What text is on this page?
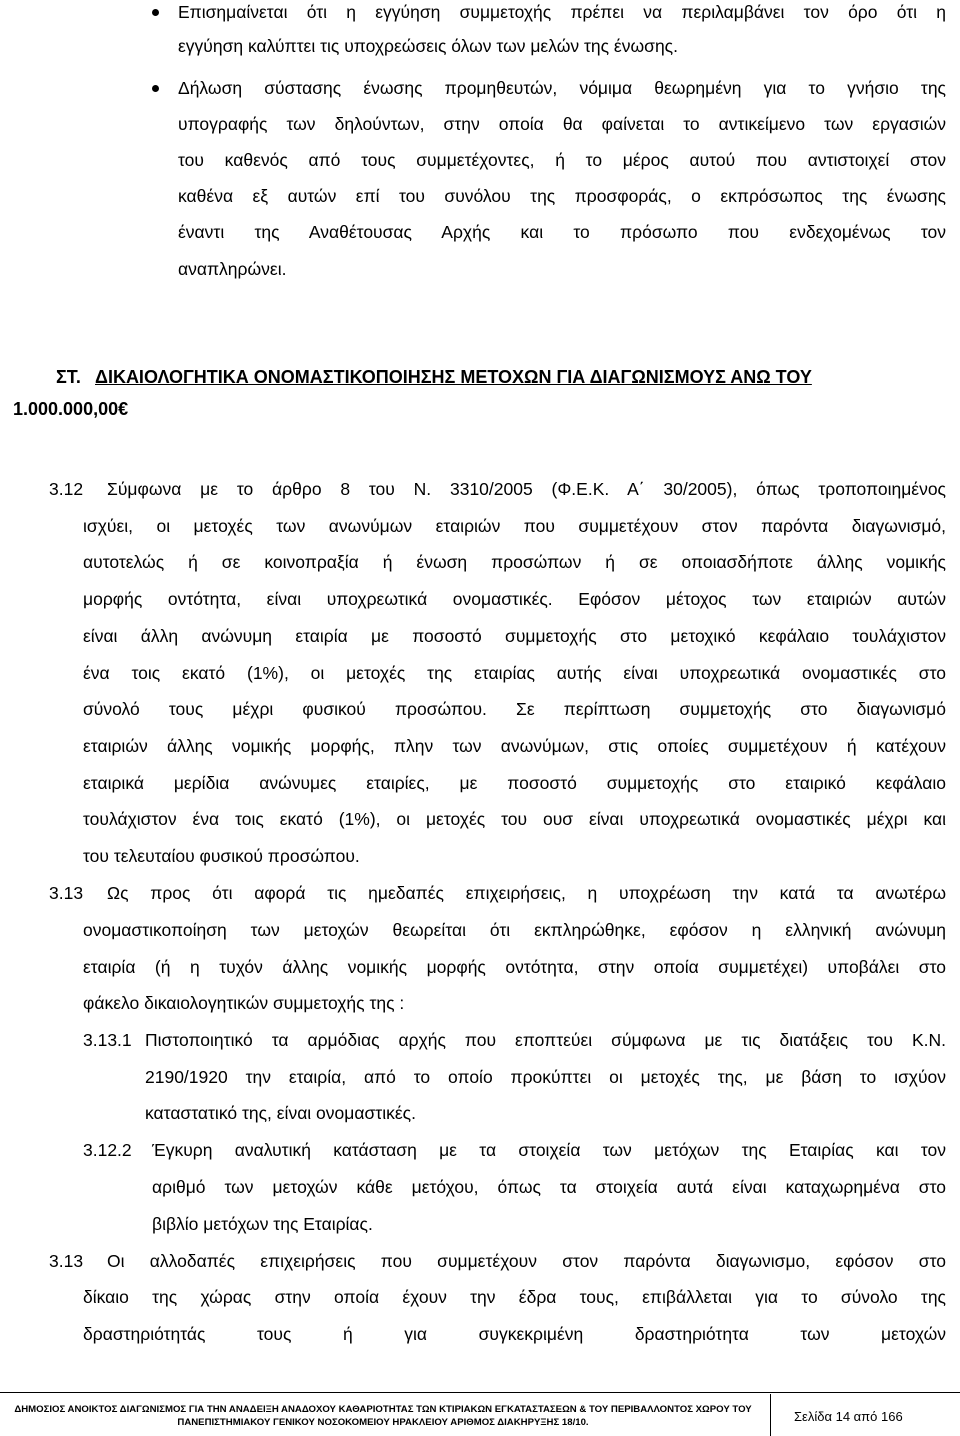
Επισημαίνεται ότι η εγγύηση συμμετοχής πρέπει να περιλαμβάνει τον όρο ότι η
εγγύηση καλύπτει τις υποχρεώσεις όλων των μελών της ένωσης.
Δήλωση σύστασης ένωσης προμηθευτών, νόμιμα θεωρημένη για το γνήσιο της
υπογραφής των δηλούντων, στην οποία θα φαίνεται το αντικείμενο των εργασιών
του καθενός από τους συμμετέχοντες, ή το μέρος αυτού που αντιστοιχεί στον
καθένα εξ αυτών επί του συνόλου της προσφοράς, ο εκπρόσωπος της ένωσης
έναντι της Αναθέτουσας Αρχής και το πρόσωπο που ενδεχομένως τον
αναπληρώνει.
ΣΤ. ΔΙΚΑΙΟΛΟΓΗΤΙΚΑ ΟΝΟΜΑΣΤΙΚΟΠΟΙΗΣΗΣ ΜΕΤΟΧΩΝ ΓΙΑ ΔΙΑΓΩΝΙΣΜΟΥΣ ΑΝΩ ΤΟΥ
1.000.000,00€
3.12 Σύμφωνα με το άρθρο 8 του Ν. 3310/2005 (Φ.Ε.Κ. Α΄ 30/2005), όπως τροποποιημένος
ισχύει, οι μετοχές των ανωνύμων εταιριών που συμμετέχουν στον παρόντα διαγωνισμό,
αυτοτελώς ή σε κοινοπραξία ή ένωση προσώπων ή σε οποιασδήποτε άλλης νομικής
μορφής οντότητα, είναι υποχρεωτικά ονομαστικές. Εφόσον μέτοχος των εταιριών αυτών
είναι άλλη ανώνυμη εταιρία με ποσοστό συμμετοχής στο μετοχικό κεφάλαιο τουλάχιστον
ένα τοις εκατό (1%), οι μετοχές της εταιρίας αυτής είναι υποχρεωτικά ονομαστικές στο
σύνολό τους μέχρι φυσικού προσώπου. Σε περίπτωση συμμετοχής στο διαγωνισμό
εταιριών άλλης νομικής μορφής, πλην των ανωνύμων, στις οποίες συμμετέχουν ή κατέχουν
εταιρικά μερίδια ανώνυμες εταιρίες, με ποσοστό συμμετοχής στο εταιρικό κεφάλαιο
τουλάχιστον ένα τοις εκατό (1%), οι μετοχές του ουσ είναι υποχρεωτικά ονομαστικές μέχρι και
του τελευταίου φυσικού προσώπου.
3.13 Ως προς ότι αφορά τις ημεδαπές επιχειρήσεις, η υποχρέωση την κατά τα ανωτέρω
ονομαστικοποίηση των μετοχών θεωρείται ότι εκπληρώθηκε, εφόσον η ελληνική ανώνυμη
εταιρία (ή η τυχόν άλλης νομικής μορφής οντότητα, στην οποία συμμετέχει) υποβάλει στο
φάκελο δικαιολογητικών συμμετοχής της :
3.13.1 Πιστοποιητικό τα αρμόδιας αρχής που εποπτεύει σύμφωνα με τις διατάξεις του Κ.Ν.
2190/1920 την εταιρία, από το οποίο προκύπτει οι μετοχές της, με βάση το ισχύον
καταστατικό της, είναι ονομαστικές.
3.12.2 Έγκυρη αναλυτική κατάσταση με τα στοιχεία των μετόχων της Εταιρίας και τον
αριθμό των μετοχών κάθε μετόχου, όπως τα στοιχεία αυτά είναι καταχωρημένα στο
βιβλίο μετόχων της Εταιρίας.
3.13 Οι αλλοδαπές επιχειρήσεις που συμμετέχουν στον παρόντα διαγωνισμο, εφόσον στο
δίκαιο της χώρας στην οποία έχουν την έδρα τους, επιβάλλεται για το σύνολο της
δραστηριότητάς τους ή για συγκεκριμένη δραστηριότητα των μετοχών
ΔΗΜΟΣΙΟΣ ΑΝΟΙΚΤΟΣ ΔΙΑΓΩΝΙΣΜΟΣ ΓΙΑ ΤΗΝ ΑΝΑΔΕΙΞΗ ΑΝΑΔΟΧΟΥ ΚΑΘΑΡΙΟΤΗΤΑΣ ΤΩΝ ΚΤΙΡΙΑΚΩΝ ΕΓΚΑΤΑΣΤΑΣΕΩΝ & ΤΟΥ ΠΕΡΙΒΑΛΛΟΝΤΟΣ ΧΩΡΟΥ ΤΟΥ
ΠΑΝΕΠΙΣΤΗΜΙΑΚΟΥ ΓΕΝΙΚΟΥ ΝΟΣΟΚΟΜΕΙΟΥ ΗΡΑΚΛΕΙΟΥ ΑΡΙΘΜΟΣ ΔΙΑΚΗΡΥΞΗΣ 18/10.	Σελίδα 14 από 166
